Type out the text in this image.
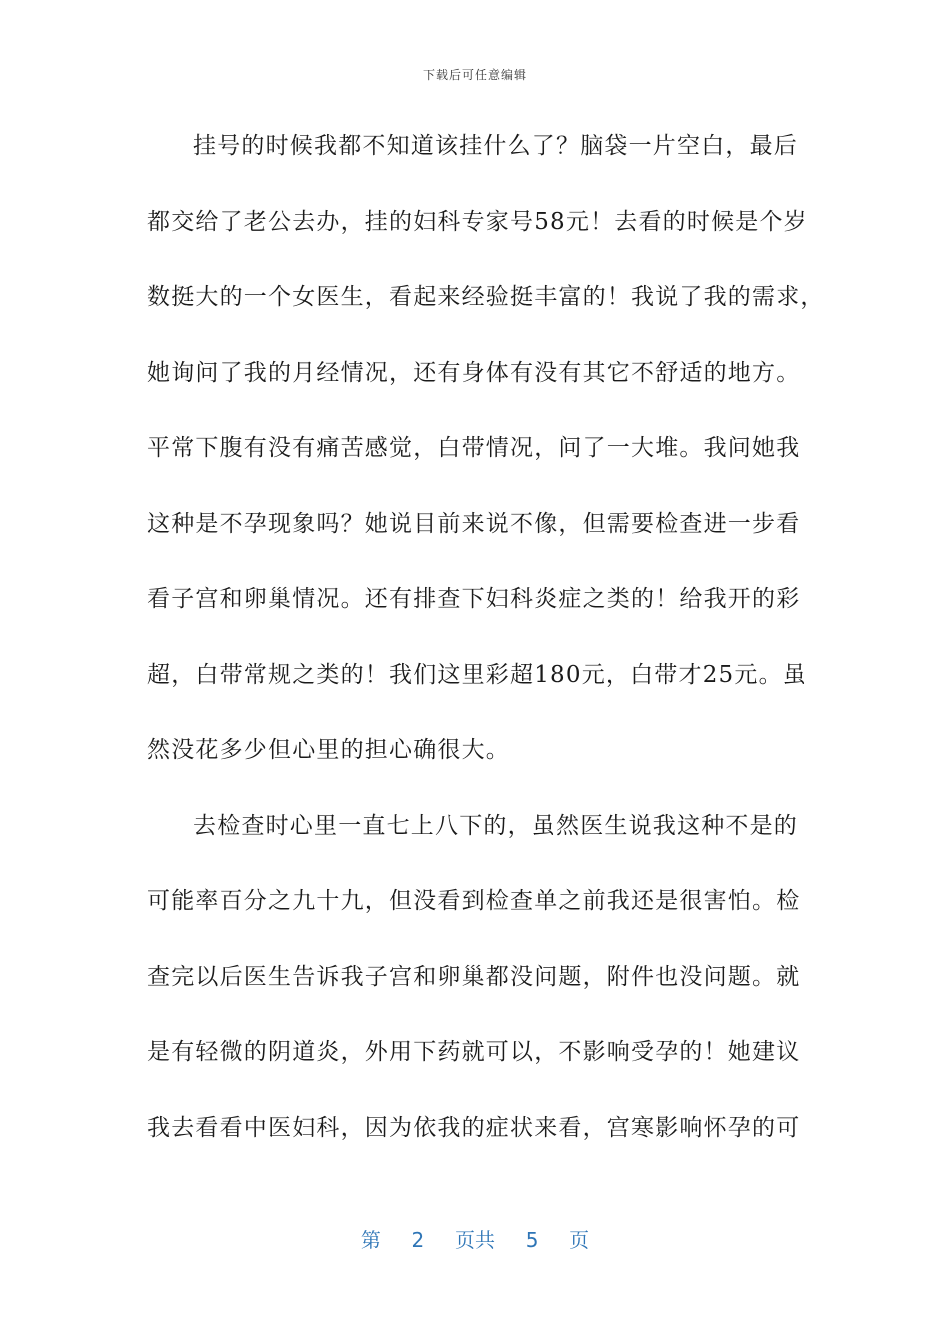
下载后可任意编辑
挂号的时候我都不知道该挂什么了？脑袋一片空白，最后
都交给了老公去办，挂的妇科专家号58元！去看的时候是个岁
数挺大的一个女医生，看起来经验挺丰富的！我说了我的需求，
她询问了我的月经情况，还有身体有没有其它不舒适的地方。
平常下腹有没有痛苦感觉，白带情况，问了一大堆。我问她我
这种是不孕现象吗？她说目前来说不像，但需要检查进一步看
看子宫和卵巢情况。还有排查下妇科炎症之类的！给我开的彩
超，白带常规之类的！我们这里彩超180元，白带才25元。虽
然没花多少但心里的担心确很大。
去检查时心里一直七上八下的，虽然医生说我这种不是的
可能率百分之九十九，但没看到检查单之前我还是很害怕。检
查完以后医生告诉我子宫和卵巢都没问题，附件也没问题。就
是有轻微的阴道炎，外用下药就可以，不影响受孕的！她建议
我去看看中医妇科，因为依我的症状来看，宫寒影响怀孕的可
第 2 页共 5 页
